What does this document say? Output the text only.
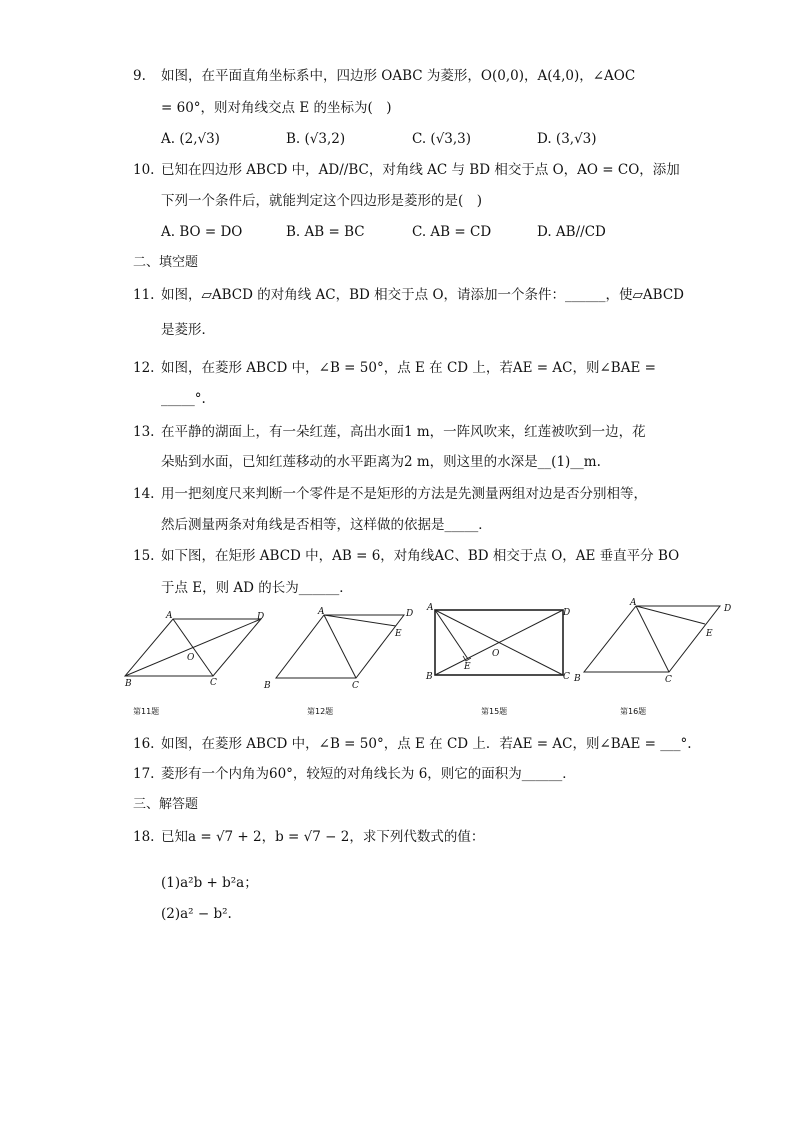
9. 如图，在平面直角坐标系中，四边形 OABC 为菱形，O(0,0)，A(4,0)，∠AOC
= 60°，则对角线交点 E 的坐标为(　)
A. (2,√3)	B. (√3,2)	C. (√3,3)	D. (3,√3)
10. 已知在四边形 ABCD 中，AD//BC，对角线 AC 与 BD 相交于点 O，AO = CO，添加
下列一个条件后，就能判定这个四边形是菱形的是(　)
A. BO = DO	B. AB = BC	C. AB = CD	D. AB//CD
二、填空题
11. 如图，▱ABCD 的对角线 AC，BD 相交于点 O，请添加一个条件：______，使▱ABCD
是菱形．
12. 如图，在菱形 ABCD 中，∠B = 50°，点 E 在 CD 上，若AE = AC，则∠BAE =
_____°.
13. 在平静的湖面上，有一朵红莲，高出水面1 m，一阵风吹来，红莲被吹到一边，花
朵贴到水面，已知红莲移动的水平距离为2 m，则这里的水深是__(1)__m.
14. 用一把刻度尺来判断一个零件是不是矩形的方法是先测量两组对边是否分别相等，
然后测量两条对角线是否相等，这样做的依据是_____．
15. 如下图，在矩形 ABCD 中，AB = 6，对角线AC、BD 相交于点 O，AE 垂直平分 BO
于点 E，则 AD 的长为______．
A	D
O
B	C
第11题
A	D
E
B	C
第12题
A	D
E
O
B	C
第15题
A
D
E
B	C
第16题
16. 如图，在菱形 ABCD 中，∠B = 50°，点 E 在 CD 上．若AE = AC，则∠BAE = ___°.
17. 菱形有一个内角为60°，较短的对角线长为 6，则它的面积为______．
三、解答题
18. 已知a = √7 + 2，b = √7 − 2，求下列代数式的值：
(1)a²b + b²a；
(2)a² − b².
